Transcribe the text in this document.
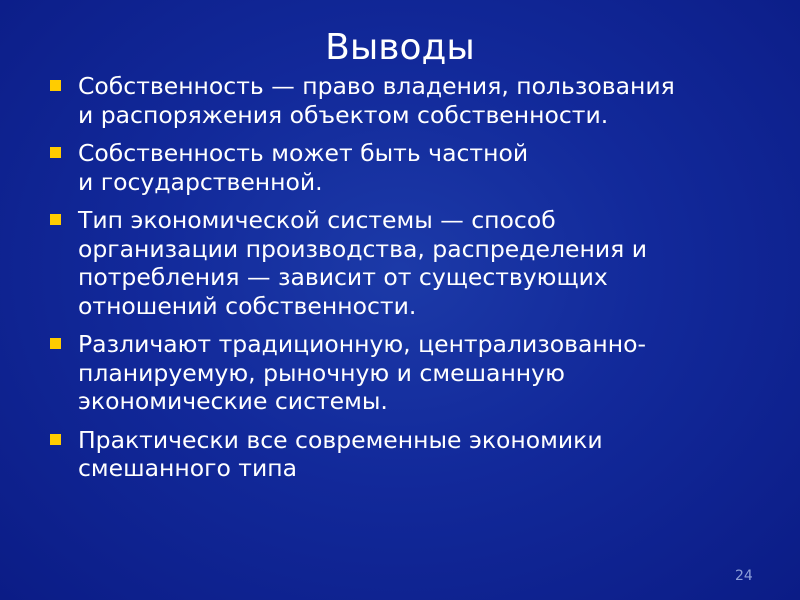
Выводы
Собственность — право владения, пользования
и распоряжения объектом собственности.
Собственность может быть частной
и государственной.
Тип экономической системы — способ
организации производства, распределения и
потребления — зависит от существующих
отношений собственности.
Различают традиционную, централизованно-
планируемую, рыночную и смешанную
экономические системы.
Практически все современные экономики
смешанного типа
24
